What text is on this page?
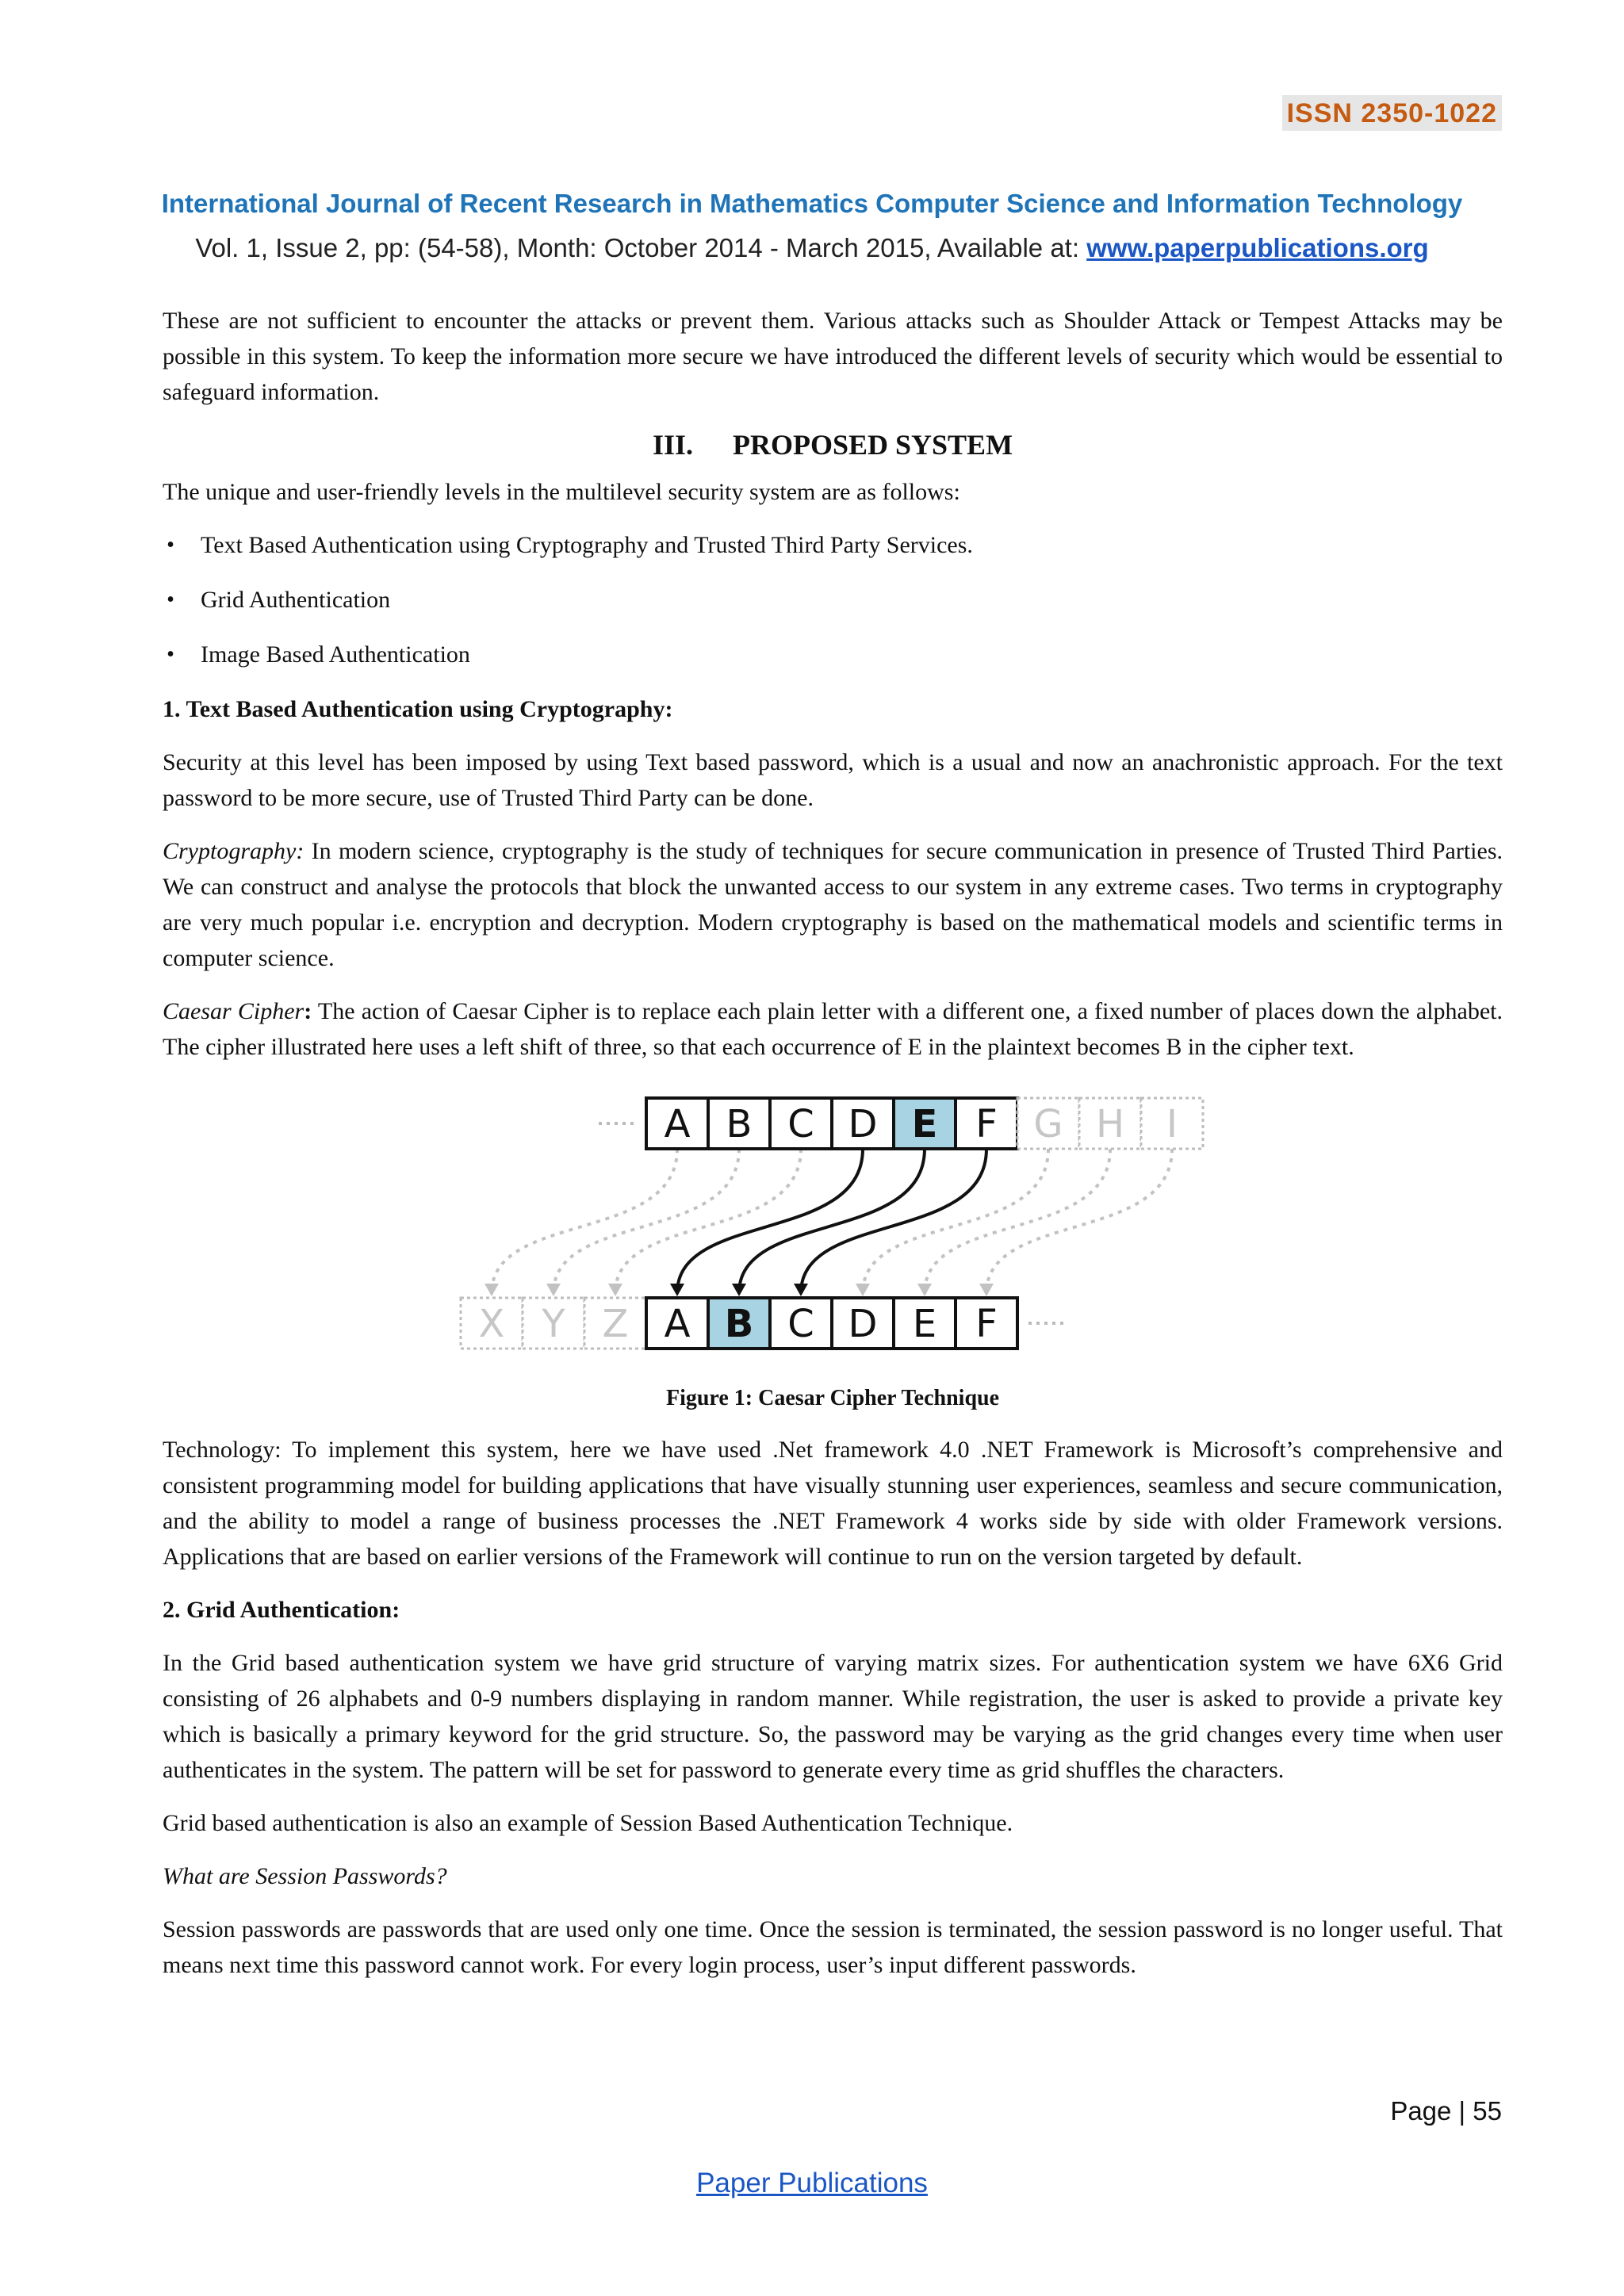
ISSN 2350-1022
International Journal of Recent Research in Mathematics Computer Science and Information Technology
Vol. 1, Issue 2, pp: (54-58), Month: October 2014 - March 2015, Available at: www.paperpublications.org

These are not sufficient to encounter the attacks or prevent them. Various attacks such as Shoulder Attack or Tempest Attacks may be possible in this system. To keep the information more secure we have introduced the different levels of security which would be essential to safeguard information.

III. PROPOSED SYSTEM

The unique and user-friendly levels in the multilevel security system are as follows:

• Text Based Authentication using Cryptography and Trusted Third Party Services.
• Grid Authentication
• Image Based Authentication

1. Text Based Authentication using Cryptography:

Security at this level has been imposed by using Text based password, which is a usual and now an anachronistic approach. For the text password to be more secure, use of Trusted Third Party can be done.

Cryptography: In modern science, cryptography is the study of techniques for secure communication in presence of Trusted Third Parties. We can construct and analyse the protocols that block the unwanted access to our system in any extreme cases. Two terms in cryptography are very much popular i.e. encryption and decryption. Modern cryptography is based on the mathematical models and scientific terms in computer science.

Caesar Cipher: The action of Caesar Cipher is to replace each plain letter with a different one, a fixed number of places down the alphabet. The cipher illustrated here uses a left shift of three, so that each occurrence of E in the plaintext becomes B in the cipher text.

A B C D E F G H I
X Y Z A B C D E F
Figure 1: Caesar Cipher Technique

Technology: To implement this system, here we have used .Net framework 4.0 .NET Framework is Microsoft’s comprehensive and consistent programming model for building applications that have visually stunning user experiences, seamless and secure communication, and the ability to model a range of business processes the .NET Framework 4 works side by side with older Framework versions. Applications that are based on earlier versions of the Framework will continue to run on the version targeted by default.

2. Grid Authentication:

In the Grid based authentication system we have grid structure of varying matrix sizes. For authentication system we have 6X6 Grid consisting of 26 alphabets and 0-9 numbers displaying in random manner. While registration, the user is asked to provide a private key which is basically a primary keyword for the grid structure. So, the password may be varying as the grid changes every time when user authenticates in the system. The pattern will be set for password to generate every time as grid shuffles the characters.

Grid based authentication is also an example of Session Based Authentication Technique.

What are Session Passwords?

Session passwords are passwords that are used only one time. Once the session is terminated, the session password is no longer useful. That means next time this password cannot work. For every login process, user’s input different passwords.

Page | 55
Paper Publications
